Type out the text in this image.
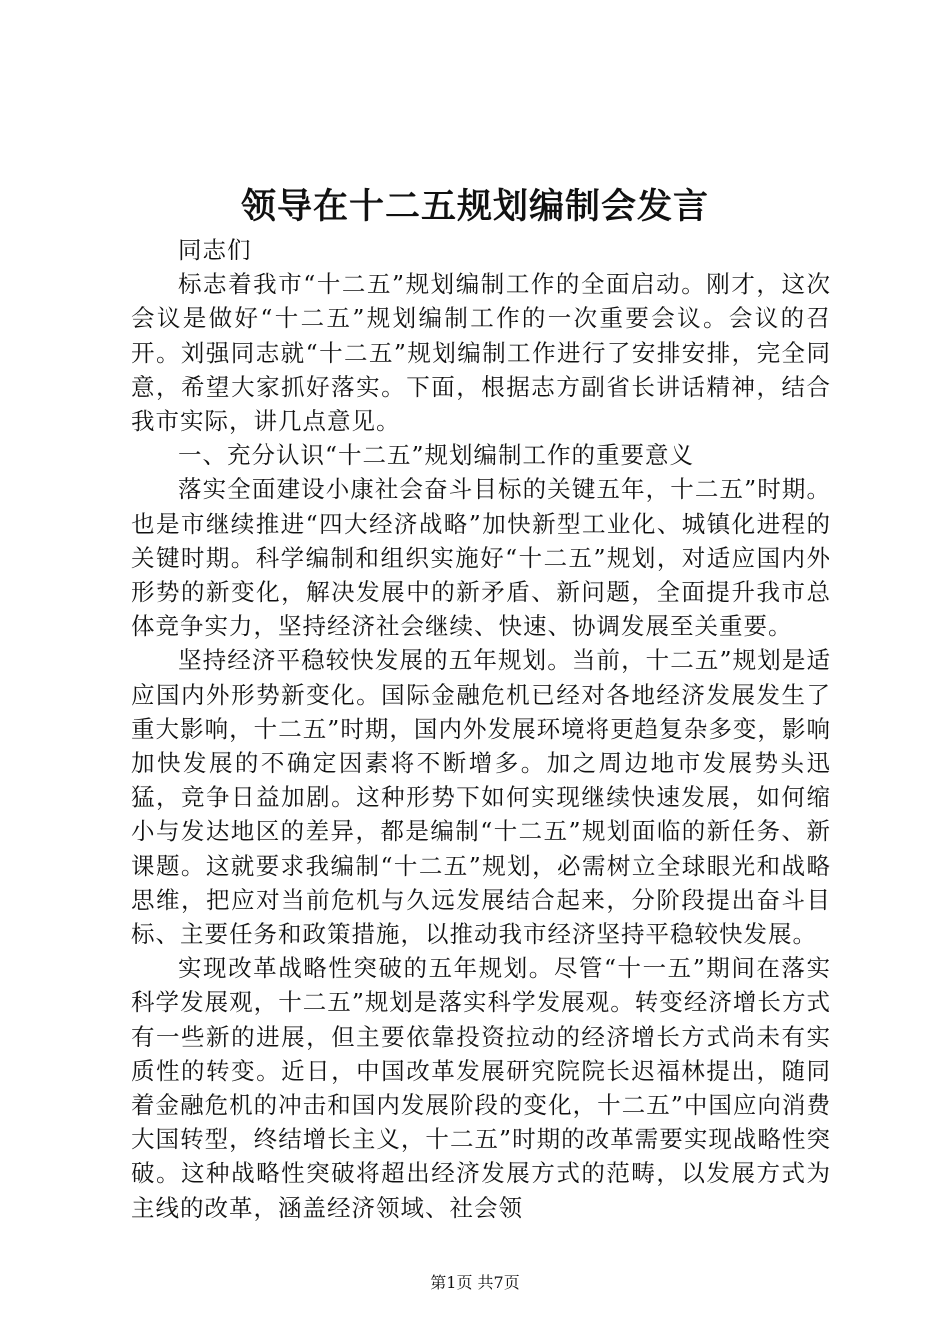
领导在十二五规划编制会发言

同志们

标志着我市“十二五”规划编制工作的全面启动。刚才，这次会议是做好“十二五”规划编制工作的一次重要会议。会议的召开。刘强同志就“十二五”规划编制工作进行了安排安排，完全同意，希望大家抓好落实。下面，根据志方副省长讲话精神，结合我市实际，讲几点意见。

一、充分认识“十二五”规划编制工作的重要意义

落实全面建设小康社会奋斗目标的关键五年，十二五”时期。也是市继续推进“四大经济战略”加快新型工业化、城镇化进程的关键时期。科学编制和组织实施好“十二五”规划，对适应国内外形势的新变化，解决发展中的新矛盾、新问题，全面提升我市总体竞争实力，坚持经济社会继续、快速、协调发展至关重要。

坚持经济平稳较快发展的五年规划。当前，十二五”规划是适应国内外形势新变化。国际金融危机已经对各地经济发展发生了重大影响，十二五”时期，国内外发展环境将更趋复杂多变，影响加快发展的不确定因素将不断增多。加之周边地市发展势头迅猛，竞争日益加剧。这种形势下如何实现继续快速发展，如何缩小与发达地区的差异，都是编制“十二五”规划面临的新任务、新课题。这就要求我编制“十二五”规划，必需树立全球眼光和战略思维，把应对当前危机与久远发展结合起来，分阶段提出奋斗目标、主要任务和政策措施，以推动我市经济坚持平稳较快发展。

实现改革战略性突破的五年规划。尽管“十一五”期间在落实科学发展观，十二五”规划是落实科学发展观。转变经济增长方式有一些新的进展，但主要依靠投资拉动的经济增长方式尚未有实质性的转变。近日，中国改革发展研究院院长迟福林提出，随同着金融危机的冲击和国内发展阶段的变化，十二五”中国应向消费大国转型，终结增长主义，十二五”时期的改革需要实现战略性突破。这种战略性突破将超出经济发展方式的范畴，以发展方式为主线的改革，涵盖经济领域、社会领

第1页 共7页
